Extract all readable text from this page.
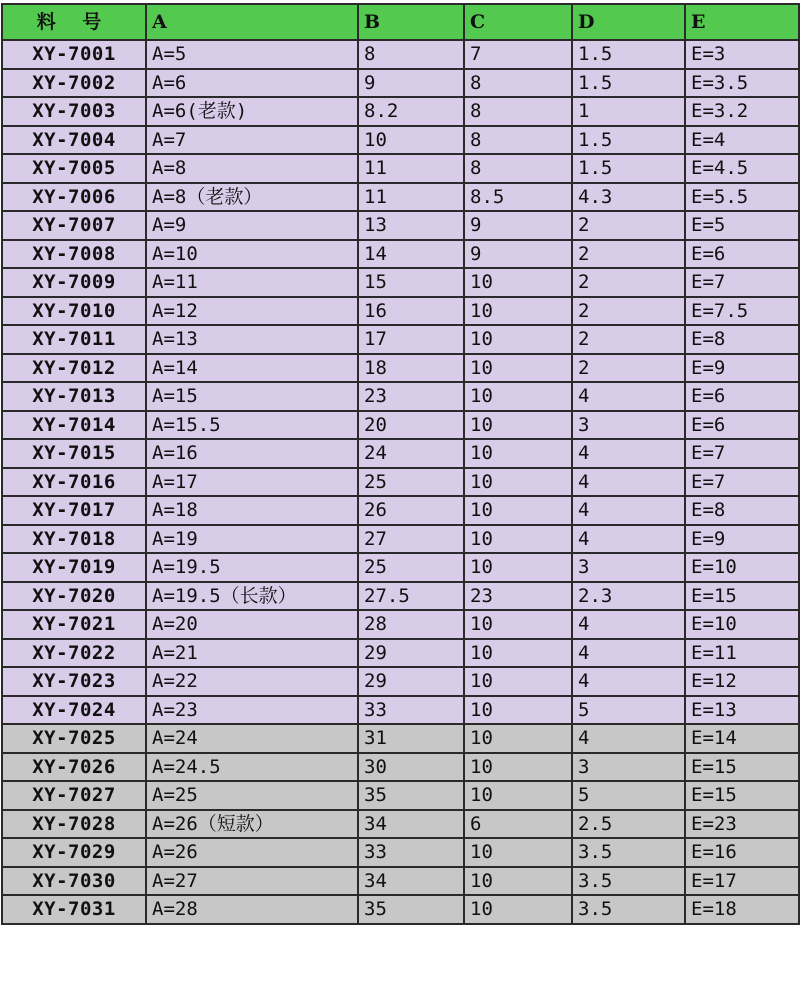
料 号	A	B	C	D	E
XY-7001	A=5	8	7	1.5	E=3
XY-7002	A=6	9	8	1.5	E=3.5
XY-7003	A=6(老款)	8.2	8	1	E=3.2
XY-7004	A=7	10	8	1.5	E=4
XY-7005	A=8	11	8	1.5	E=4.5
XY-7006	A=8（老款）	11	8.5	4.3	E=5.5
XY-7007	A=9	13	9	2	E=5
XY-7008	A=10	14	9	2	E=6
XY-7009	A=11	15	10	2	E=7
XY-7010	A=12	16	10	2	E=7.5
XY-7011	A=13	17	10	2	E=8
XY-7012	A=14	18	10	2	E=9
XY-7013	A=15	23	10	4	E=6
XY-7014	A=15.5	20	10	3	E=6
XY-7015	A=16	24	10	4	E=7
XY-7016	A=17	25	10	4	E=7
XY-7017	A=18	26	10	4	E=8
XY-7018	A=19	27	10	4	E=9
XY-7019	A=19.5	25	10	3	E=10
XY-7020	A=19.5（长款）	27.5	23	2.3	E=15
XY-7021	A=20	28	10	4	E=10
XY-7022	A=21	29	10	4	E=11
XY-7023	A=22	29	10	4	E=12
XY-7024	A=23	33	10	5	E=13
XY-7025	A=24	31	10	4	E=14
XY-7026	A=24.5	30	10	3	E=15
XY-7027	A=25	35	10	5	E=15
XY-7028	A=26（短款）	34	6	2.5	E=23
XY-7029	A=26	33	10	3.5	E=16
XY-7030	A=27	34	10	3.5	E=17
XY-7031	A=28	35	10	3.5	E=18
